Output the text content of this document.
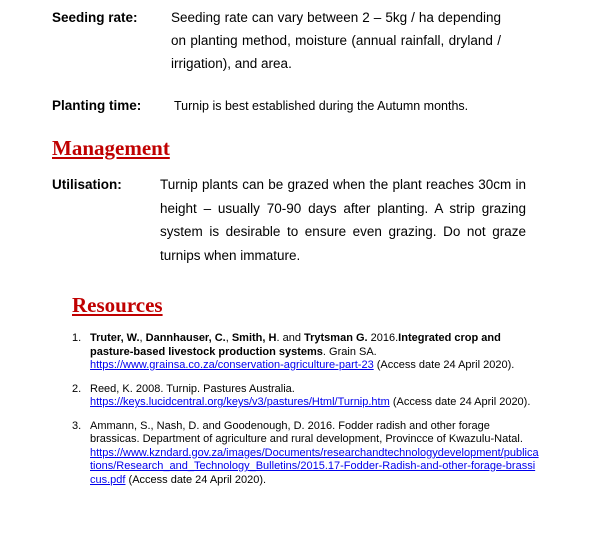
Seeding rate:	Seeding rate can vary between 2 – 5kg / ha depending on planting method, moisture (annual rainfall, dryland / irrigation), and area.
Planting time:	Turnip is best established during the Autumn months.
Management
Utilisation:	Turnip plants can be grazed when the plant reaches 30cm in height – usually 70-90 days after planting. A strip grazing system is desirable to ensure even grazing. Do not graze turnips when immature.
Resources
1. Truter, W., Dannhauser, C., Smith, H. and Trytsman G. 2016.Integrated crop and pasture-based livestock production systems. Grain SA.
https://www.grainsa.co.za/conservation-agriculture-part-23 (Access date 24 April 2020).
2. Reed, K. 2008. Turnip. Pastures Australia.
https://keys.lucidcentral.org/keys/v3/pastures/Html/Turnip.htm (Access date 24 April 2020).
3. Ammann, S., Nash, D. and Goodenough, D. 2016. Fodder radish and other forage brassicas. Department of agriculture and rural development, Provincce of Kwazulu-Natal.
https://www.kzndard.gov.za/images/Documents/researchandtechnologydevelopment/publications/Research_and_Technology_Bulletins/2015.17-Fodder-Radish-and-other-forage-brassicus.pdf (Access date 24 April 2020).
